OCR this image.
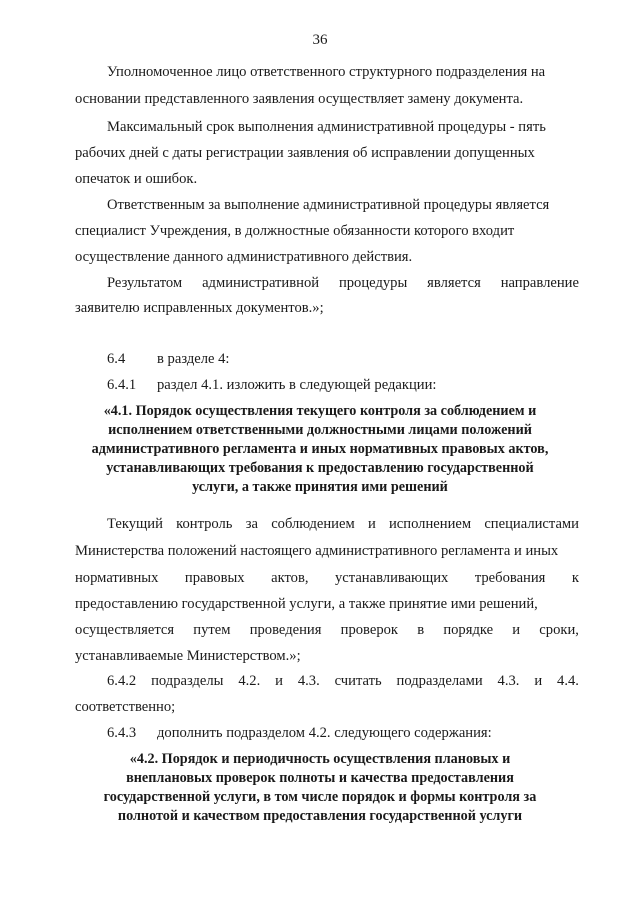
36
Уполномоченное лицо ответственного структурного подразделения на
основании представленного заявления осуществляет замену документа.
Максимальный срок выполнения административной процедуры - пять
рабочих дней с даты регистрации заявления об исправлении допущенных
опечаток и ошибок.
Ответственным за выполнение административной процедуры является
специалист Учреждения, в должностные обязанности которого входит
осуществление данного административного действия.
Результатом административной процедуры является направление
заявителю исправленных документов.»;
6.4 в разделе 4:
6.4.1 раздел 4.1. изложить в следующей редакции:
«4.1. Порядок осуществления текущего контроля за соблюдением и
исполнением ответственными должностными лицами положений
административного регламента и иных нормативных правовых актов,
устанавливающих требования к предоставлению государственной
услуги, а также принятия ими решений
Текущий контроль за соблюдением и исполнением специалистами
Министерства положений настоящего административного регламента и иных
нормативных правовых актов, устанавливающих требования к
предоставлению государственной услуги, а также принятие ими решений,
осуществляется путем проведения проверок в порядке и сроки,
устанавливаемые Министерством.»;
6.4.2 подразделы 4.2. и 4.3. считать подразделами 4.3. и 4.4.
соответственно;
6.4.3 дополнить подразделом 4.2. следующего содержания:
«4.2. Порядок и периодичность осуществления плановых и
внеплановых проверок полноты и качества предоставления
государственной услуги, в том числе порядок и формы контроля за
полнотой и качеством предоставления государственной услуги
